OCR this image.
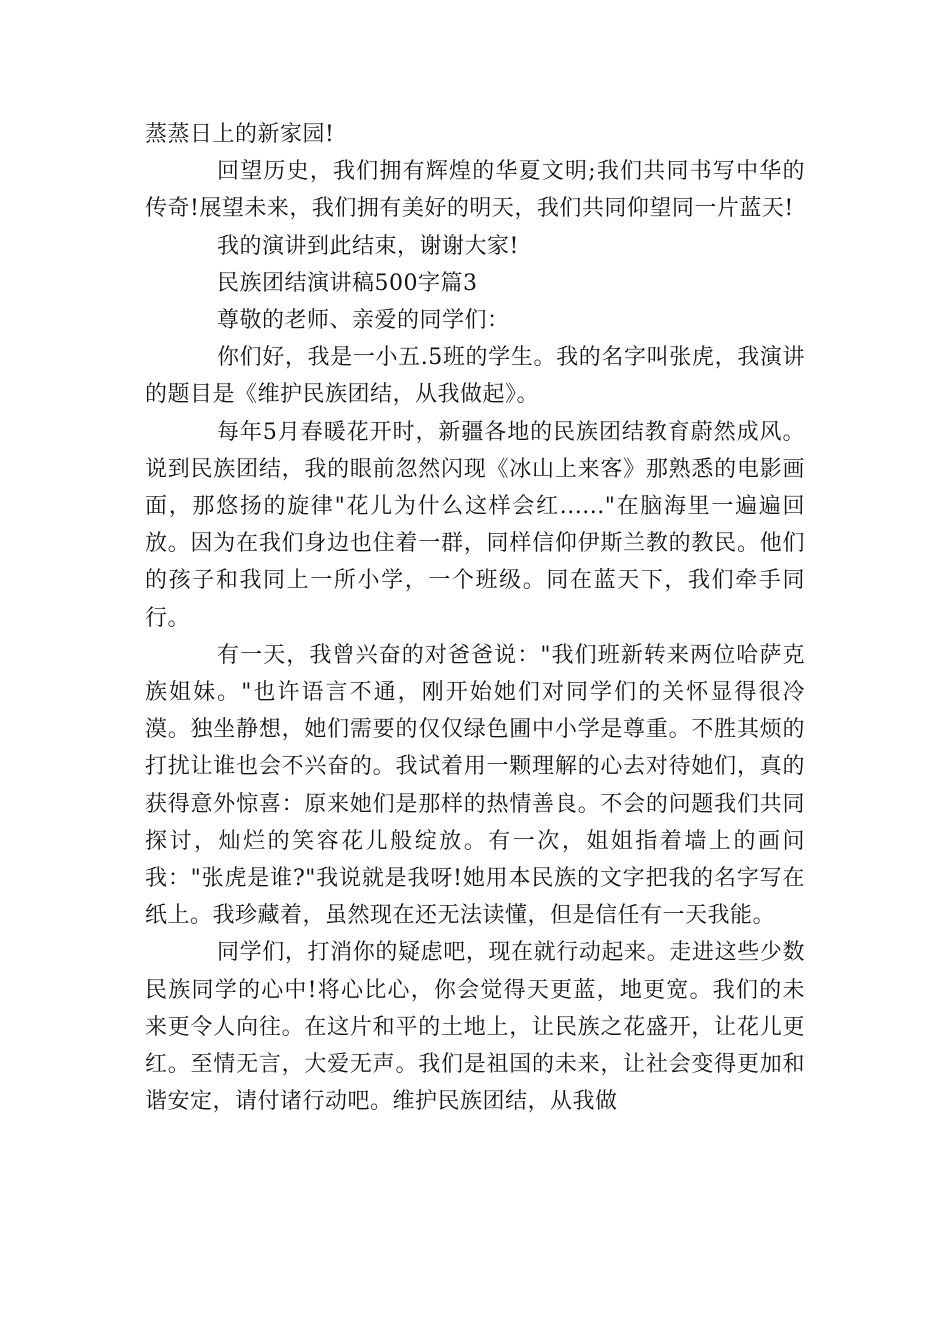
蒸蒸日上的新家园!

回望历史，我们拥有辉煌的华夏文明;我们共同书写中华的传奇!展望未来，我们拥有美好的明天，我们共同仰望同一片蓝天!

我的演讲到此结束，谢谢大家!

民族团结演讲稿500字篇3

尊敬的老师、亲爱的同学们：

你们好，我是一小五.5班的学生。我的名字叫张虎，我演讲的题目是《维护民族团结，从我做起》。

每年5月春暖花开时，新疆各地的民族团结教育蔚然成风。说到民族团结，我的眼前忽然闪现《冰山上来客》那熟悉的电影画面，那悠扬的旋律"花儿为什么这样会红......"在脑海里一遍遍回放。因为在我们身边也住着一群，同样信仰伊斯兰教的教民。他们的孩子和我同上一所小学，一个班级。同在蓝天下，我们牵手同行。

有一天，我曾兴奋的对爸爸说："我们班新转来两位哈萨克族姐妹。"也许语言不通，刚开始她们对同学们的关怀显得很冷漠。独坐静想，她们需要的仅仅绿色圃中小学是尊重。不胜其烦的打扰让谁也会不兴奋的。我试着用一颗理解的心去对待她们，真的获得意外惊喜：原来她们是那样的热情善良。不会的问题我们共同探讨，灿烂的笑容花儿般绽放。有一次，姐姐指着墙上的画问我："张虎是谁?"我说就是我呀!她用本民族的文字把我的名字写在纸上。我珍藏着，虽然现在还无法读懂，但是信任有一天我能。

同学们，打消你的疑虑吧，现在就行动起来。走进这些少数民族同学的心中!将心比心，你会觉得天更蓝，地更宽。我们的未来更令人向往。在这片和平的土地上，让民族之花盛开，让花儿更红。至情无言，大爱无声。我们是祖国的未来，让社会变得更加和谐安定，请付诸行动吧。维护民族团结，从我做
